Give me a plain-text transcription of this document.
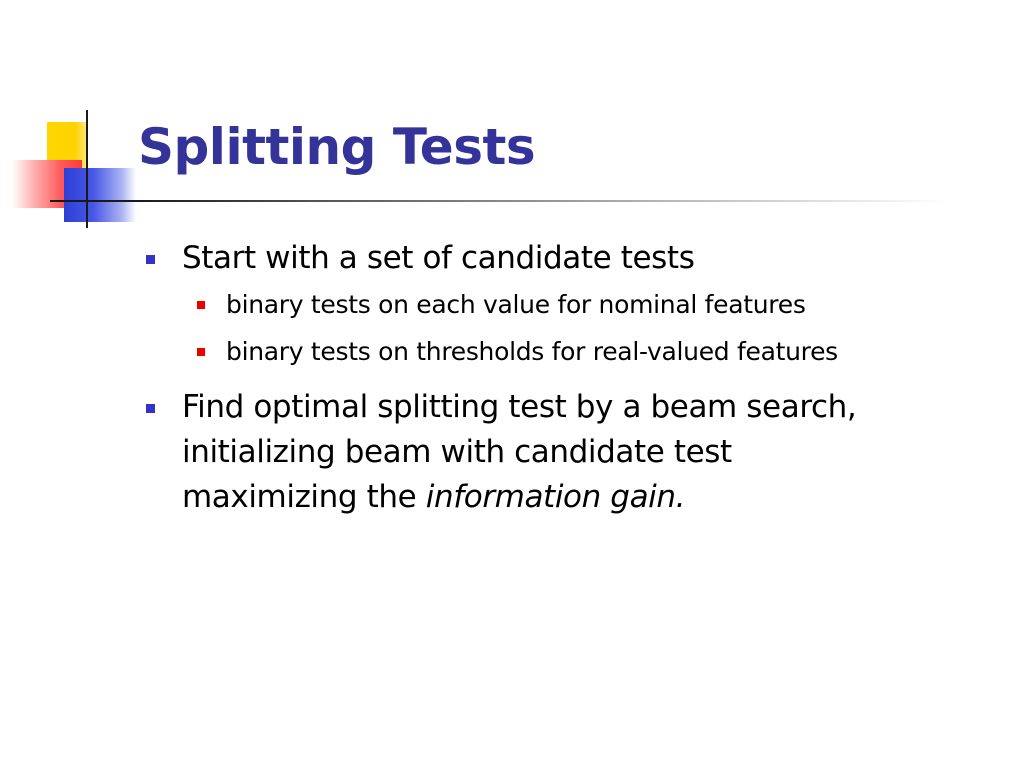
Splitting Tests
Start with a set of candidate tests
binary tests on each value for nominal features
binary tests on thresholds for real-valued features
Find optimal splitting test by a beam search,
initializing beam with candidate test
maximizing the information gain.
